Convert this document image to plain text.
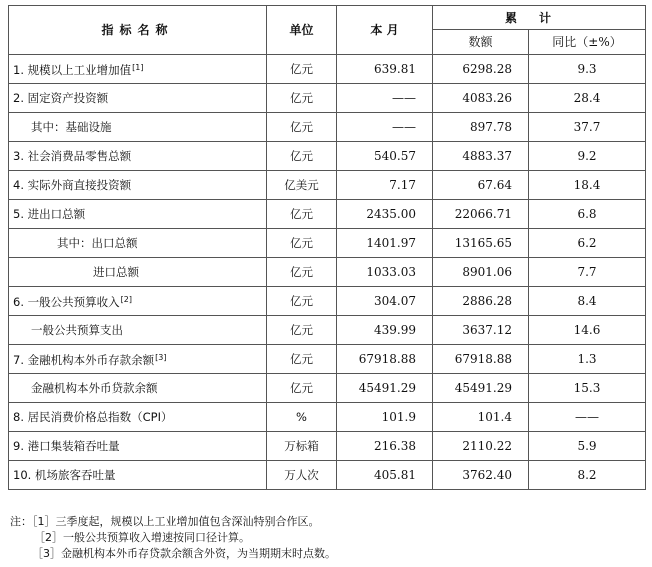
指标名称	单位	本 月	累计	
			数额	同比（±%）
1. 规模以上工业增加值[1]	亿元	639.81	6298.28	9.3
2. 固定资产投资额	亿元	——	4083.26	28.4
其中：基础设施	亿元	——	897.78	37.7
3. 社会消费品零售总额	亿元	540.57	4883.37	9.2
4. 实际外商直接投资额	亿美元	7.17	67.64	18.4
5. 进出口总额	亿元	2435.00	22066.71	6.8
其中：出口总额	亿元	1401.97	13165.65	6.2
进口总额	亿元	1033.03	8901.06	7.7
6. 一般公共预算收入[2]	亿元	304.07	2886.28	8.4
一般公共预算支出	亿元	439.99	3637.12	14.6
7. 金融机构本外币存款余额[3]	亿元	67918.88	67918.88	1.3
金融机构本外币贷款余额	亿元	45491.29	45491.29	15.3
8. 居民消费价格总指数（CPI）	%	101.9	101.4	——
9. 港口集装箱吞吐量	万标箱	216.38	2110.22	5.9
10. 机场旅客吞吐量	万人次	405.81	3762.40	8.2
注：［1］三季度起，规模以上工业增加值包含深汕特别合作区。
［2］一般公共预算收入增速按同口径计算。
［3］金融机构本外币存贷款余额含外资，为当期期末时点数。
